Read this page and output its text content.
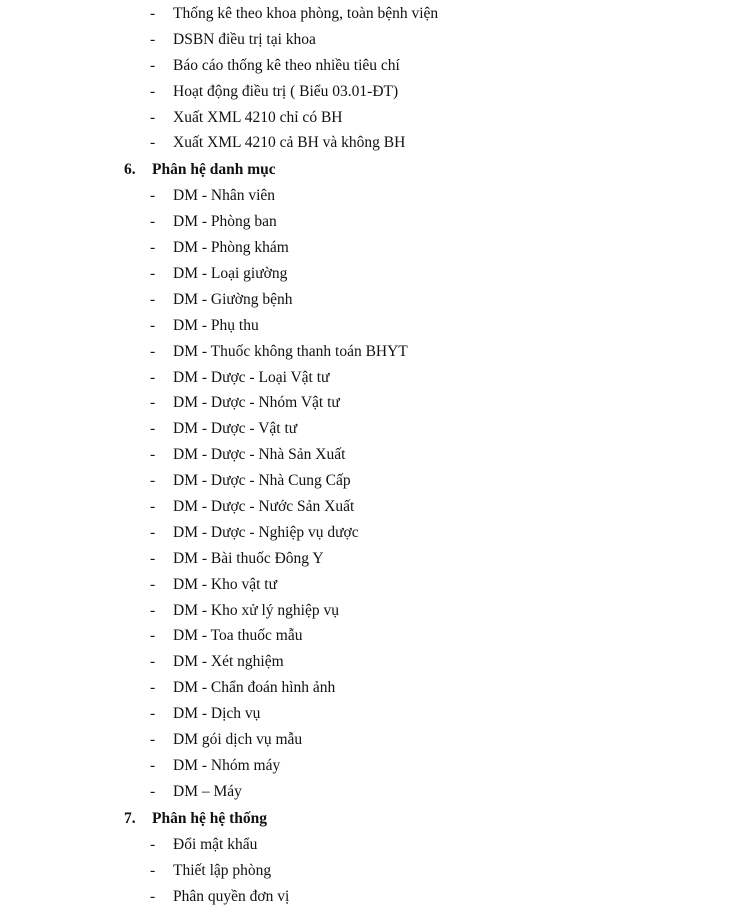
- Thống kê theo khoa phòng, toàn bệnh viện
- DSBN điều trị tại khoa
- Báo cáo thống kê theo nhiều tiêu chí
- Hoạt động điều trị ( Biểu 03.01-ĐT)
- Xuất XML 4210 chỉ có BH
- Xuất XML 4210 cả BH và không BH
6. Phân hệ danh mục
- DM - Nhân viên
- DM - Phòng ban
- DM - Phòng khám
- DM - Loại giường
- DM - Giường bệnh
- DM - Phụ thu
- DM - Thuốc không thanh toán BHYT
- DM - Dược - Loại Vật tư
- DM - Dược - Nhóm Vật tư
- DM - Dược - Vật tư
- DM - Dược - Nhà Sản Xuất
- DM - Dược - Nhà Cung Cấp
- DM - Dược - Nước Sản Xuất
- DM - Dược - Nghiệp vụ dược
- DM - Bài thuốc Đông Y
- DM - Kho vật tư
- DM - Kho xử lý nghiệp vụ
- DM - Toa thuốc mẫu
- DM - Xét nghiệm
- DM - Chẩn đoán hình ảnh
- DM - Dịch vụ
- DM gói dịch vụ mẫu
- DM - Nhóm máy
- DM – Máy
7. Phân hệ hệ thống
- Đổi mật khẩu
- Thiết lập phòng
- Phân quyền đơn vị
